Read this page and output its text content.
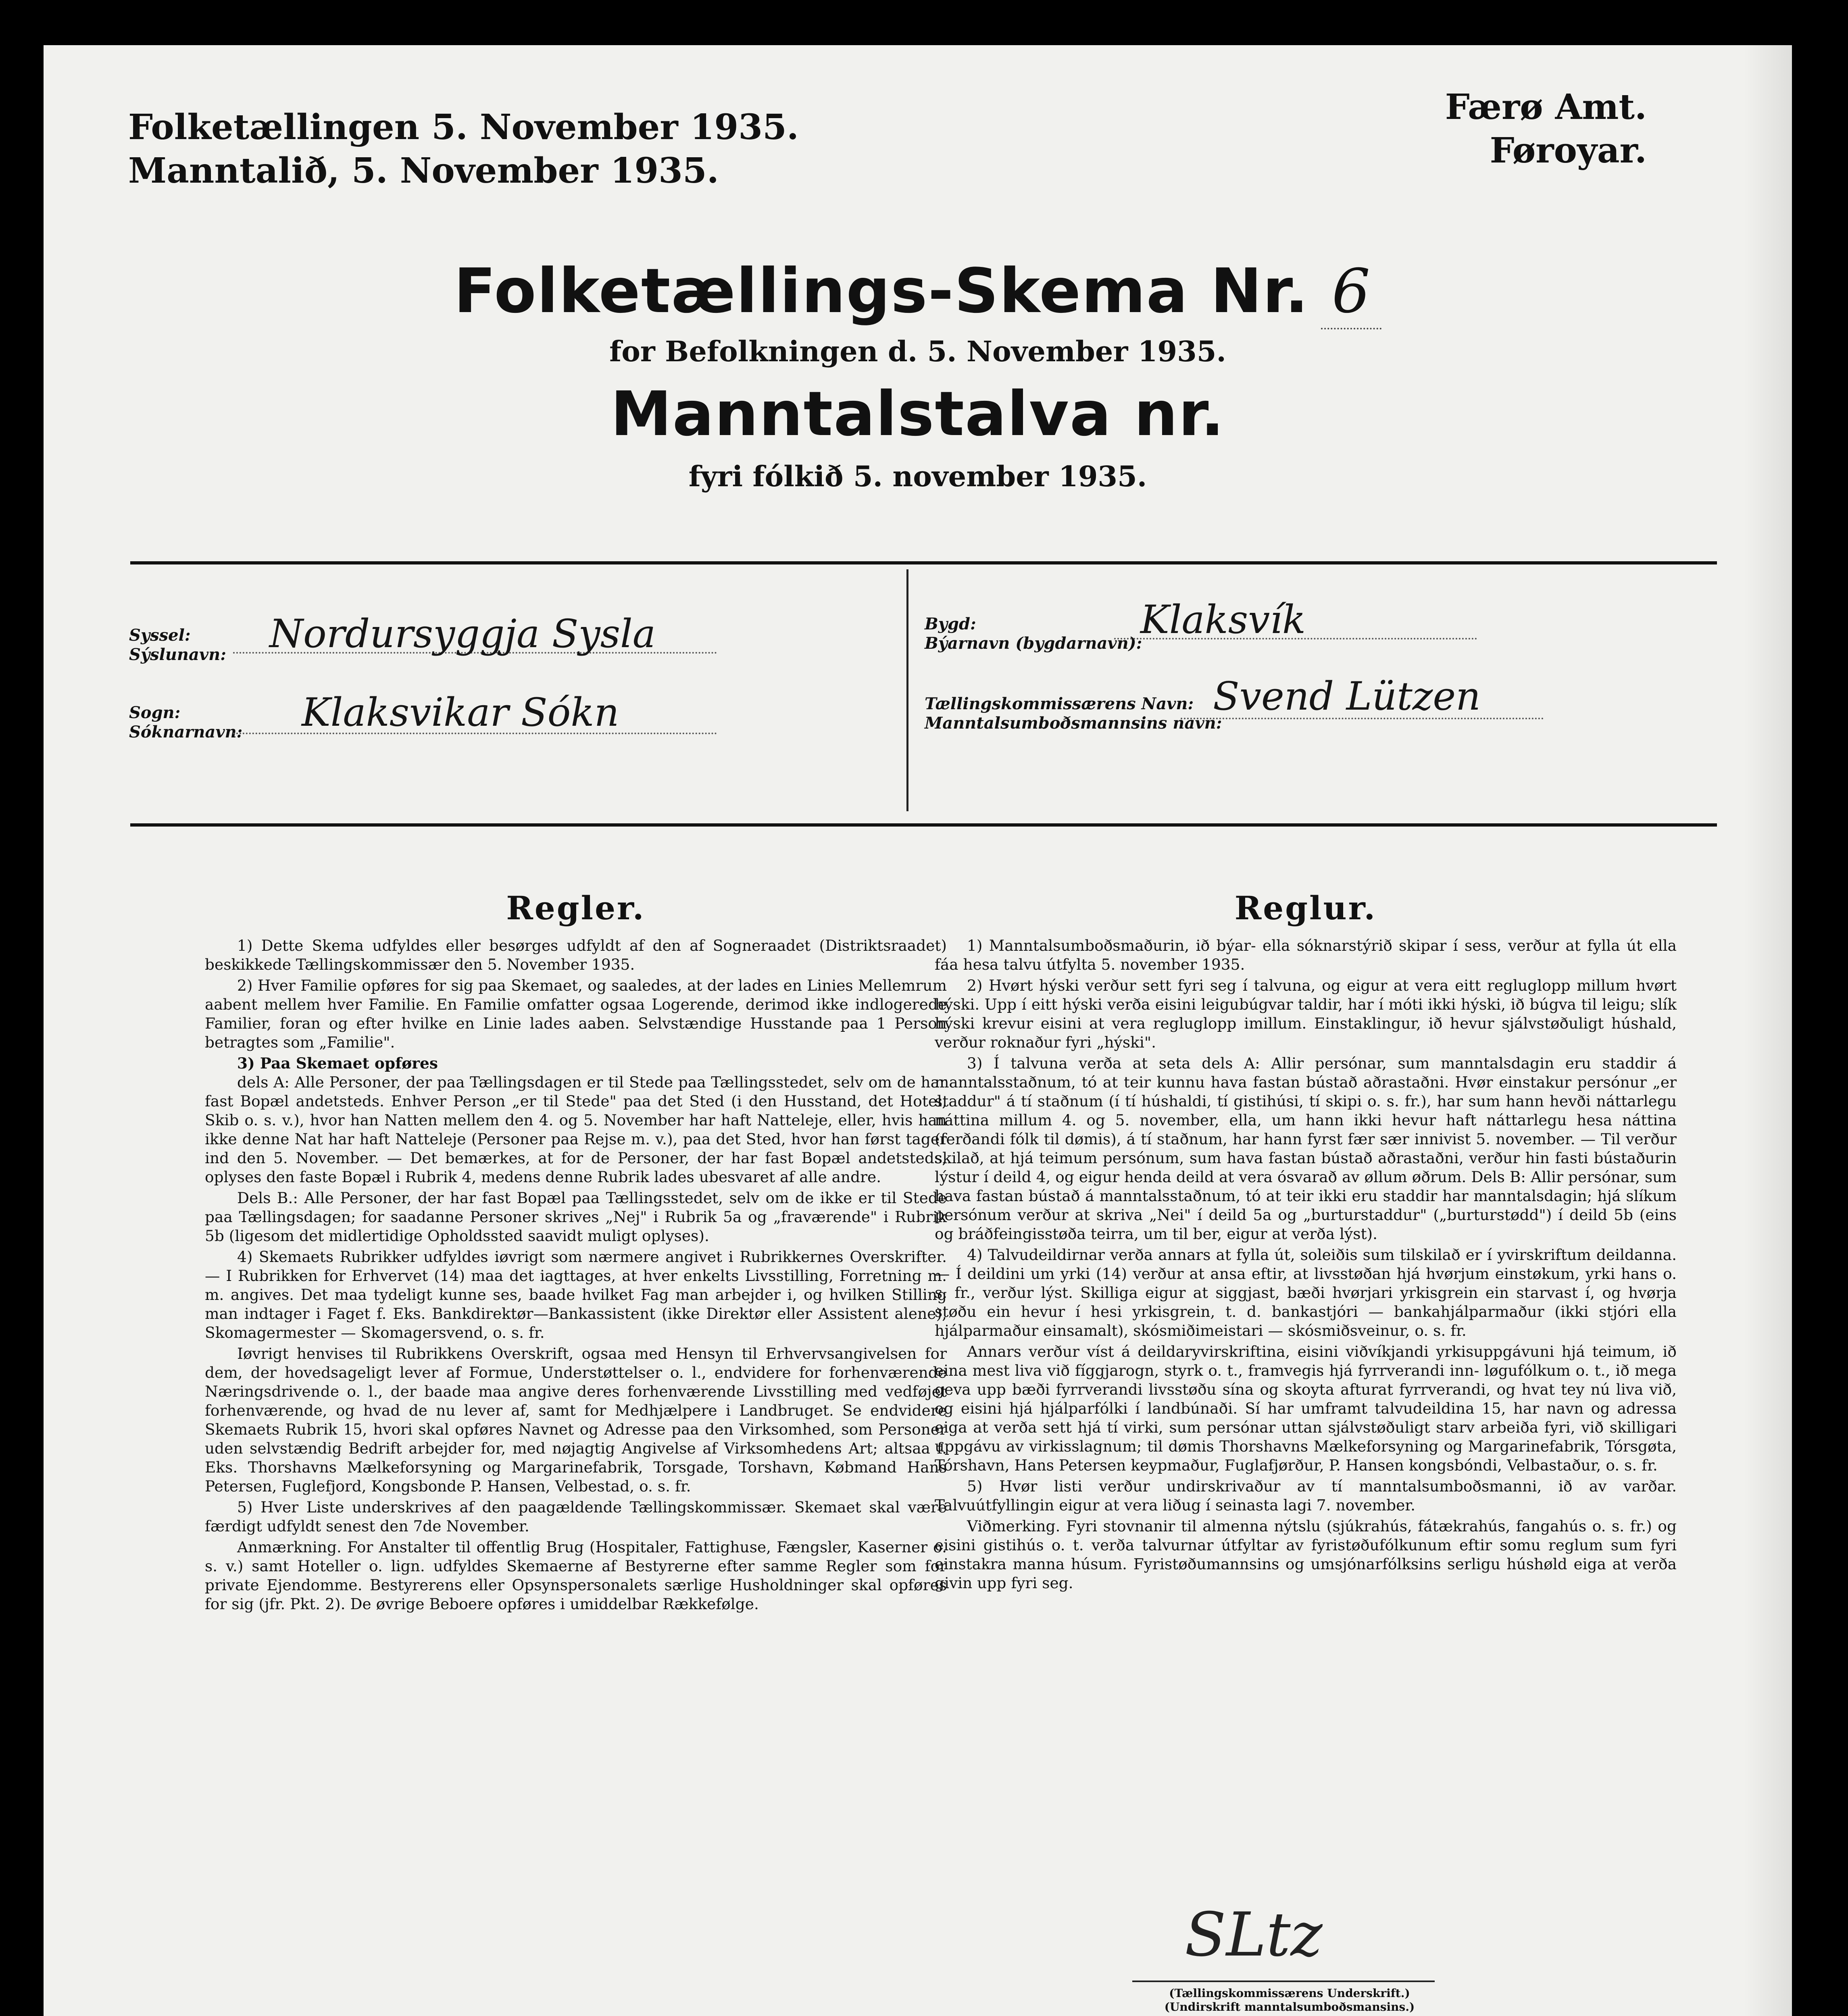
Folketællingen 5. November 1935.
Manntalið, 5. November 1935.
Færø Amt.
Føroyar.
Folketællings-Skema Nr. 6
for Befolkningen d. 5. November 1935.
Manntalstalva nr.
fyri fólkið 5. november 1935.
Syssel:
Sýslunavn: Nordursyggja Sysla
Sogn:
Sóknarnavn: Klaksvikar Sókn
Bygd:
Býarnavn (bygdarnavn):
Klaksvík
Tællingskommissærens Navn:
Manntalsumboðsmannsins navn:
Svend Lützen
Regler.

1) Dette Skema udfyldes eller besørges udfyldt af den af Sogneraadet (Distriktsraadet) beskikkede Tællingskommissær den 5. November 1935.

2) Hver Familie opføres for sig paa Skemaet, og saaledes, at der lades en Linies Mellemrum aabent mellem hver Familie. En Familie omfatter ogsaa Logerende, derimod ikke indlogerede Familier, foran og efter hvilke en Linie lades aaben. Selvstændige Husstande paa 1 Person betragtes som „Familie".

3) Paa Skemaet opføres

dels A: Alle Personer, der paa Tællingsdagen er til Stede paa Tællingsstedet, selv om de har fast Bopæl andetsteds. Enhver Person „er til Stede" paa det Sted (i den Husstand, det Hotel, Skib o. s. v.), hvor han Natten mellem den 4. og 5. November har haft Natteleje, eller, hvis han ikke denne Nat har haft Natteleje (Personer paa Rejse m. v.), paa det Sted, hvor han først tager ind den 5. November. — Det bemærkes, at for de Personer, der har fast Bopæl andetsteds, oplyses den faste Bopæl i Rubrik 4, medens denne Rubrik lades ubesvaret af alle andre.

Dels B.: Alle Personer, der har fast Bopæl paa Tællingsstedet, selv om de ikke er til Stede paa Tællingsdagen; for saadanne Personer skrives „Nej" i Rubrik 5a og „fraværende" i Rubrik 5b (ligesom det midlertidige Opholdssted saavidt muligt oplyses).

4) Skemaets Rubrikker udfyldes iøvrigt som nærmere angivet i Rubrikkernes Overskrifter. — I Rubrikken for Erhvervet (14) maa det iagttages, at hver enkelts Livsstilling, Forretning m. m. angives. Det maa tydeligt kunne ses, baade hvilket Fag man arbejder i, og hvilken Stilling man indtager i Faget f. Eks. Bankdirektør—Bankassistent (ikke Direktør eller Assistent alene), Skomagermester — Skomagersvend, o. s. fr.

Iøvrigt henvises til Rubrikkens Overskrift, ogsaa med Hensyn til Erhvervsangivelsen for dem, der hovedsageligt lever af Formue, Understøttelser o. l., endvidere for forhenværende Næringsdrivende o. l., der baade maa angive deres forhenværende Livsstilling med vedføjet forhenværende, og hvad de nu lever af, samt for Medhjælpere i Landbruget. Se endvidere Skemaets Rubrik 15, hvori skal opføres Navnet og Adresse paa den Virksomhed, som Personer uden selvstændig Bedrift arbejder for, med nøjagtig Angivelse af Virksomhedens Art; altsaa f. Eks. Thorshavns Mælkeforsyning og Margarinefabrik, Torsgade, Torshavn, Købmand Hans Petersen, Fuglefjord, Kongsbonde P. Hansen, Velbestad, o. s. fr.

5) Hver Liste underskrives af den paagældende Tællingskommissær. Skemaet skal være færdigt udfyldt senest den 7de November.

Anmærkning. For Anstalter til offentlig Brug (Hospitaler, Fattighuse, Fængsler, Kaserner o. s. v.) samt Hoteller o. lign. udfyldes Skemaerne af Bestyrerne efter samme Regler som for private Ejendomme. Bestyrerens eller Opsynspersonalets særlige Husholdninger skal opføres for sig (jfr. Pkt. 2). De øvrige Beboere opføres i umiddelbar Rækkefølge.

Reglur.

1) Manntalsumboðsmaðurin, ið býar- ella sóknarstýrið skipar í sess, verður at fylla út ella fáa hesa talvu útfylta 5. november 1935.

2) Hvørt hýski verður sett fyri seg í talvuna, og eigur at vera eitt regluglopp millum hvørt hýski. Upp í eitt hýski verða eisini leigubúgvar taldir, har í móti ikki hýski, ið búgva til leigu; slík hýski krevur eisini at vera regluglopp imillum. Einstaklingur, ið hevur sjálvstøðuligt húshald, verður roknaður fyri „hýski".

3) Í talvuna verða at seta dels A: Allir persónar, sum manntalsdagin eru staddir á manntalsstaðnum, tó at teir kunnu hava fastan bústað aðrastaðni. Hvør einstakur persónur „er staddur" á tí staðnum (í tí húshaldi, tí gistihúsi, tí skipi o. s. fr.), har sum hann hevði náttarlegu náttina millum 4. og 5. november, ella, um hann ikki hevur haft náttarlegu hesa náttina (ferðandi fólk til dømis), á tí staðnum, har hann fyrst fær sær innivist 5. november. — Til verður skilað, at hjá teimum persónum, sum hava fastan bústað aðrastaðni, verður hin fasti bústaðurin lýstur í deild 4, og eigur henda deild at vera ósvarað av øllum øðrum. Dels B: Allir persónar, sum hava fastan bústað á manntalsstaðnum, tó at teir ikki eru staddir har manntalsdagin; hjá slíkum persónum verður at skriva „Nei" í deild 5a og „burturstaddur" („burturstødd") í deild 5b (eins og bráðfeingisstøða teirra, um til ber, eigur at verða lýst).

4) Talvudeildirnar verða annars at fylla út, soleiðis sum tilskilað er í yvirskriftum deildanna. — Í deildini um yrki (14) verður at ansa eftir, at livsstøðan hjá hvørjum einstøkum, yrki hans o. s. fr., verður lýst. Skilliga eigur at siggjast, bæði hvørjari yrkisgrein ein starvast í, og hvørja støðu ein hevur í hesi yrkisgrein, t. d. bankastjóri — bankahjálparmaður (ikki stjóri ella hjálparmaður einsamalt), skósmiðimeistari — skósmiðsveinur, o. s. fr.

Annars verður víst á deildaryvirskriftina, eisini viðvíkjandi yrkisuppgávuni hjá teimum, ið eina mest liva við fíggjarogn, styrk o. t., framvegis hjá fyrrverandi inn- løgufólkum o. t., ið mega geva upp bæði fyrrverandi livsstøðu sína og skoyta afturat fyrrverandi, og hvat tey nú liva við, og eisini hjá hjálparfólki í landbúnaði. Sí har umframt talvudeildina 15, har navn og adressa eiga at verða sett hjá tí virki, sum persónar uttan sjálvstøðuligt starv arbeiða fyri, við skilligari uppgávu av virkisslagnum; til dømis Thorshavns Mælkeforsyning og Margarinefabrik, Tórsgøta, Tórshavn, Hans Petersen keypmaður, Fuglafjørður, P. Hansen kongsbóndi, Velbastaður, o. s. fr.

5) Hvør listi verður undirskrivaður av tí manntalsumboðsmanni, ið av varðar. Talvuútfyllingin eigur at vera liðug í seinasta lagi 7. november.

Viðmerking. Fyri stovnanir til almenna nýtslu (sjúkrahús, fátækrahús, fangahús o. s. fr.) og eisini gistihús o. t. verða talvurnar útfyltar av fyristøðufólkunum eftir somu reglum sum fyri einstakra manna húsum. Fyristøðumannsins og umsjónarfólksins serligu húshøld eiga at verða givin upp fyri seg.

SLtz
(Tællingskommissærens Underskrift.)
(Undirskrift manntalsumboðsmansins.)
